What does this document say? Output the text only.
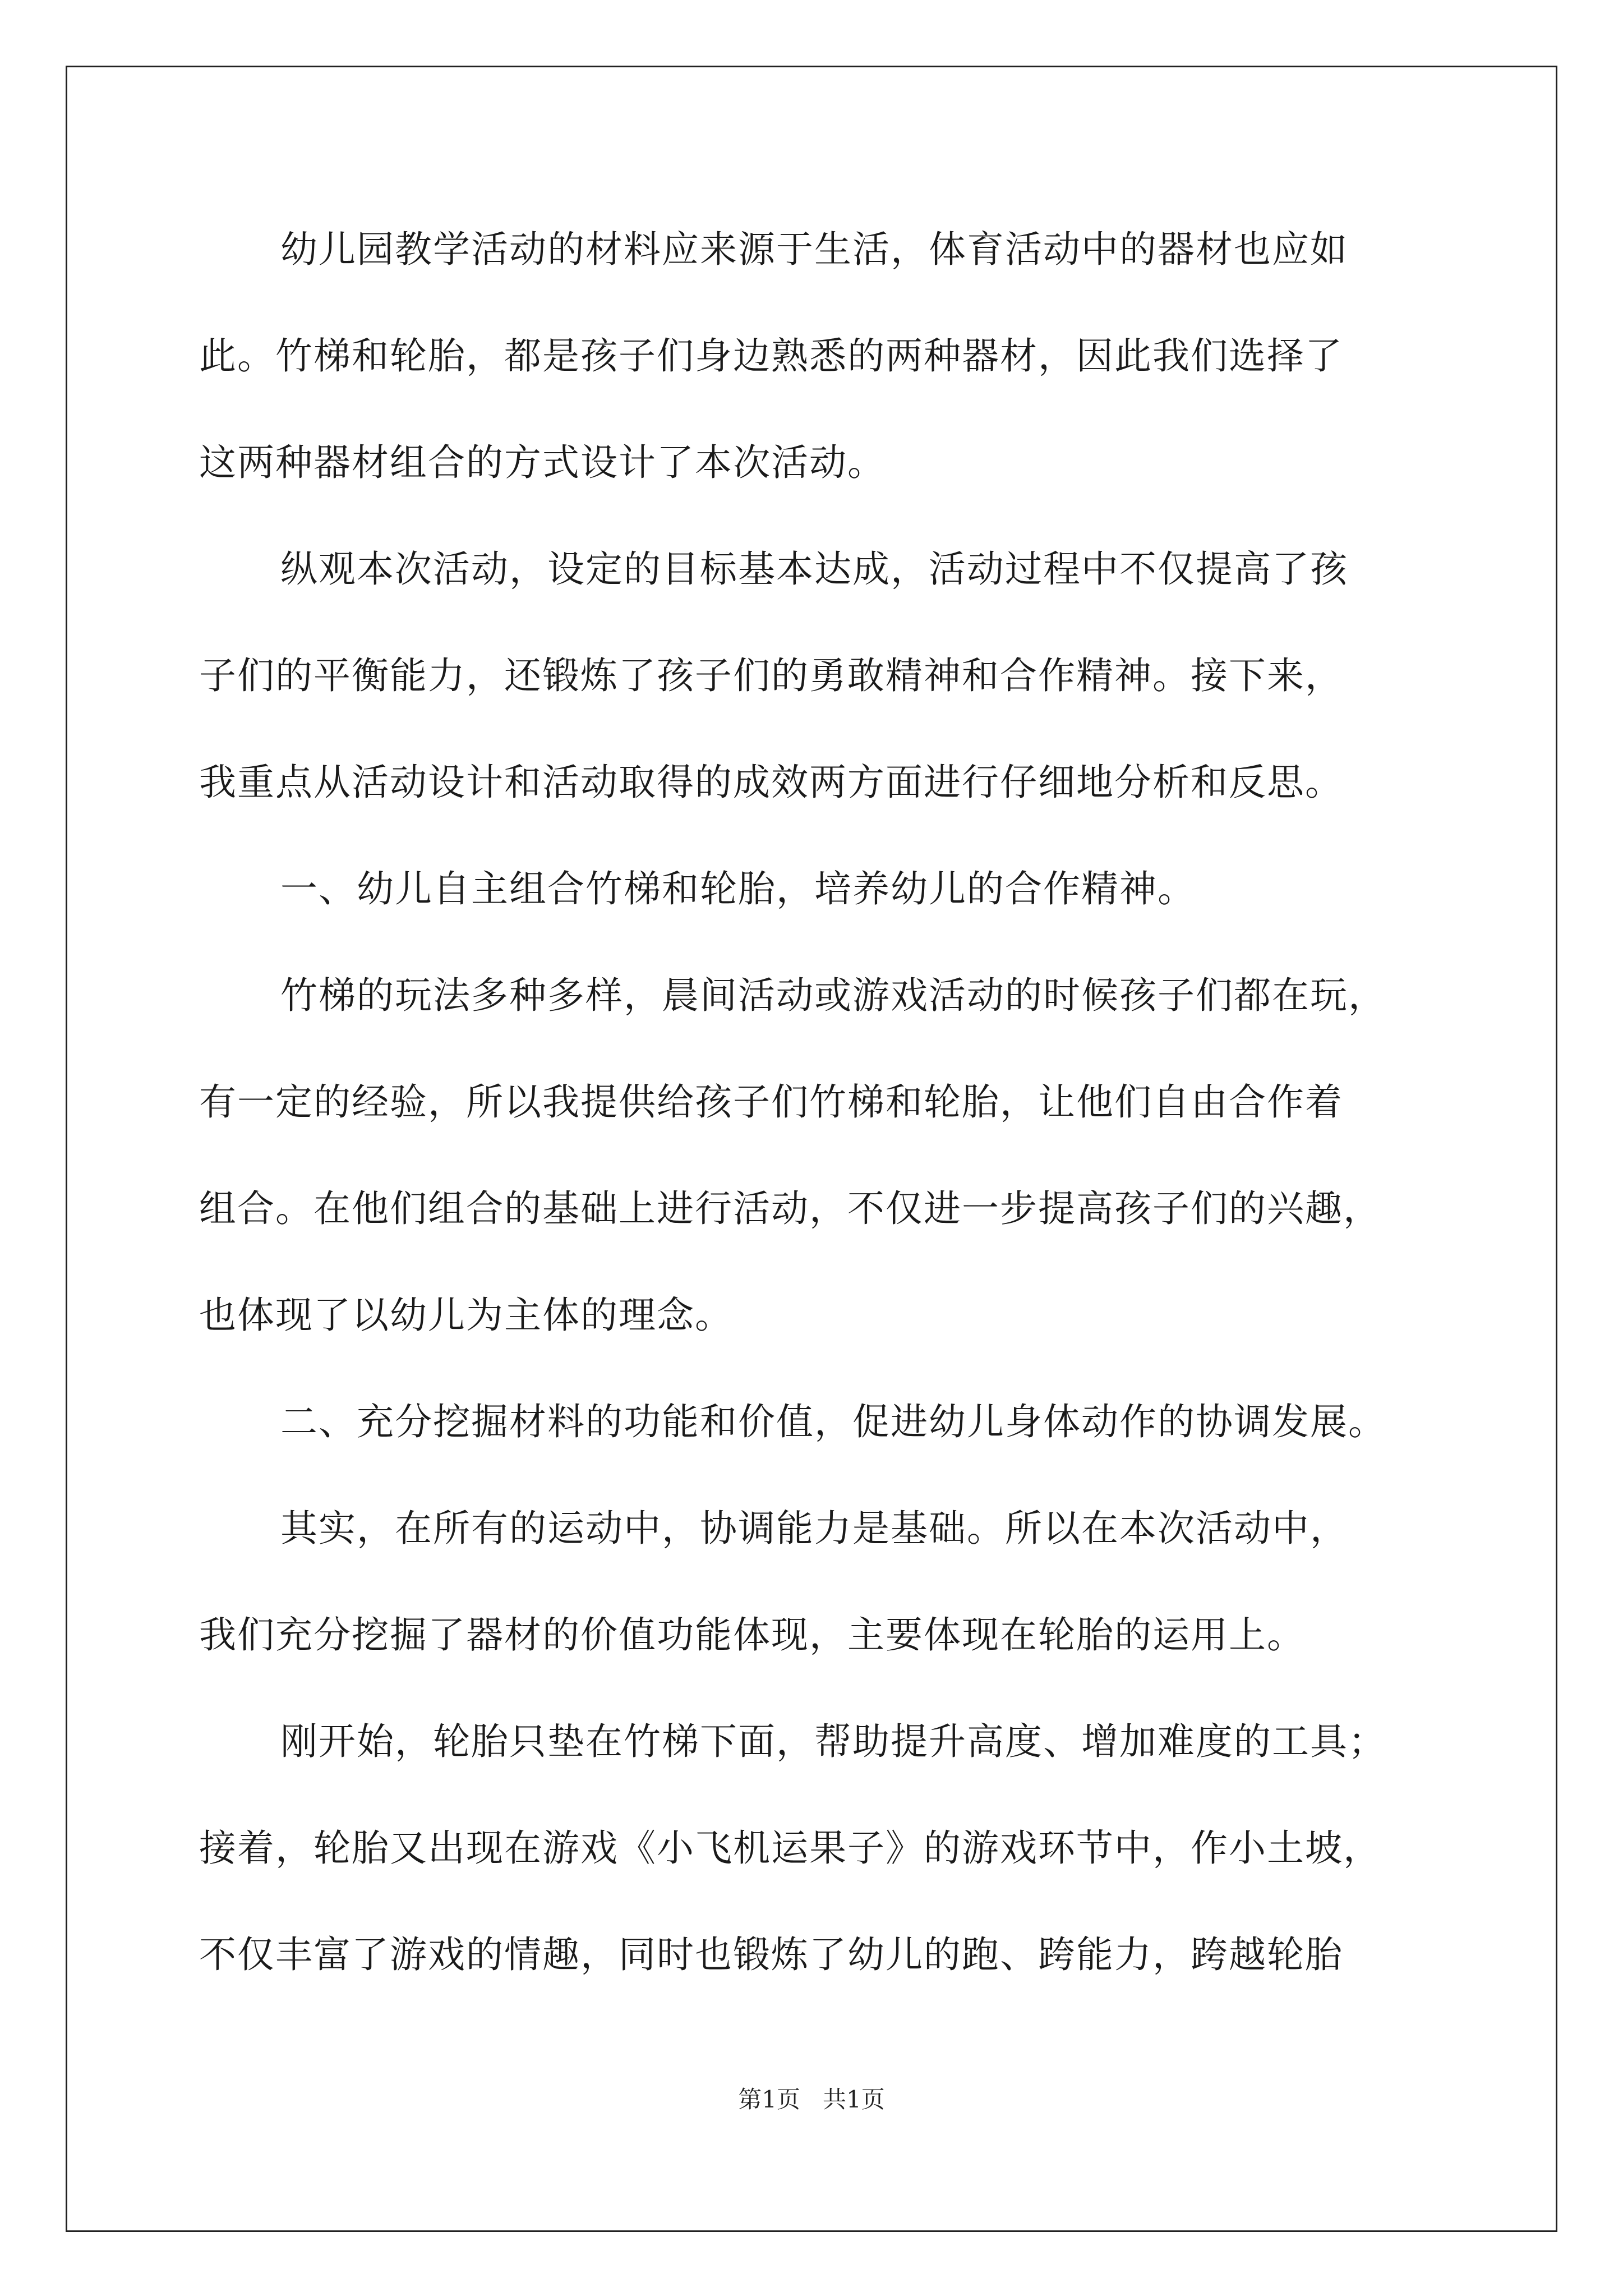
幼儿园教学活动的材料应来源于生活，体育活动中的器材也应如
此。竹梯和轮胎，都是孩子们身边熟悉的两种器材，因此我们选择了
这两种器材组合的方式设计了本次活动。
纵观本次活动，设定的目标基本达成，活动过程中不仅提高了孩
子们的平衡能力，还锻炼了孩子们的勇敢精神和合作精神。接下来，
我重点从活动设计和活动取得的成效两方面进行仔细地分析和反思。
一、幼儿自主组合竹梯和轮胎，培养幼儿的合作精神。
竹梯的玩法多种多样，晨间活动或游戏活动的时候孩子们都在玩，
有一定的经验，所以我提供给孩子们竹梯和轮胎，让他们自由合作着
组合。在他们组合的基础上进行活动，不仅进一步提高孩子们的兴趣，
也体现了以幼儿为主体的理念。
二、充分挖掘材料的功能和价值，促进幼儿身体动作的协调发展。
其实，在所有的运动中，协调能力是基础。所以在本次活动中，
我们充分挖掘了器材的价值功能体现，主要体现在轮胎的运用上。
刚开始，轮胎只垫在竹梯下面，帮助提升高度、增加难度的工具；
接着，轮胎又出现在游戏《小飞机运果子》的游戏环节中，作小土坡，
不仅丰富了游戏的情趣，同时也锻炼了幼儿的跑、跨能力，跨越轮胎
第1页 共1页
